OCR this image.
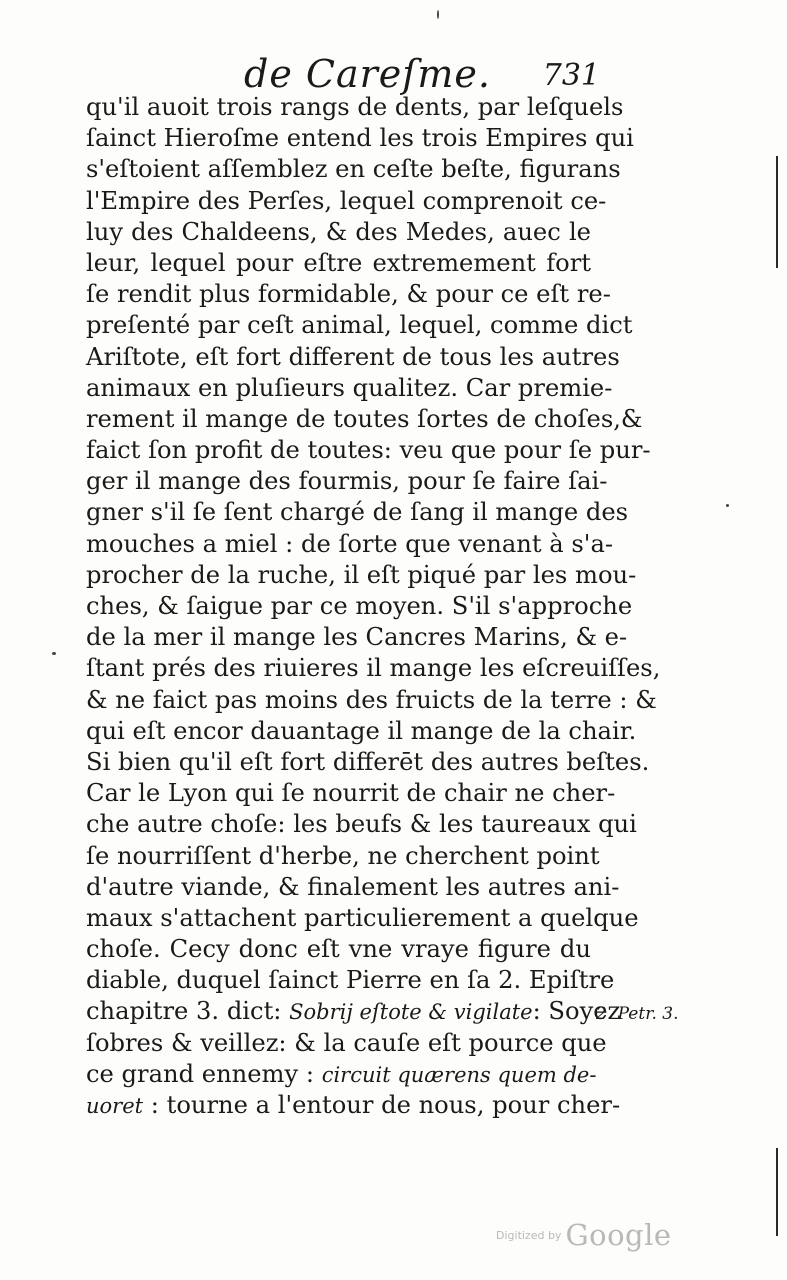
de Careſme. 731
qu'il auoit trois rangs de dents, par leſquels
ſainct Hieroſme entend les trois Empires qui
s'eſtoient aſſemblez en ceſte beſte, figurans
l'Empire des Perſes, lequel comprenoit ce-
luy des Chaldeens, & des Medes, auec le
leur, lequel pour eſtre extremement fort
ſe rendit plus formidable, & pour ce eſt re-
preſenté par ceſt animal, lequel, comme dict
Ariſtote, eſt fort different de tous les autres
animaux en pluſieurs qualitez. Car premie-
rement il mange de toutes ſortes de choſes,&
faict ſon profit de toutes: veu que pour ſe pur-
ger il mange des fourmis, pour ſe faire ſai-
gner s'il ſe ſent chargé de ſang il mange des
mouches a miel : de ſorte que venant à s'a-
procher de la ruche, il eſt piqué par les mou-
ches, & ſaigue par ce moyen. S'il s'approche
de la mer il mange les Cancres Marins, & e-
ſtant prés des riuieres il mange les eſcreuiſſes,
& ne faict pas moins des fruicts de la terre : &
qui eſt encor dauantage il mange de la chair.
Si bien qu'il eſt fort differēt des autres beſtes.
Car le Lyon qui ſe nourrit de chair ne cher-
che autre choſe: les beufs & les taureaux qui
ſe nourriſſent d'herbe, ne cherchent point
d'autre viande, & finalement les autres ani-
maux s'attachent particulierement a quelque
choſe. Cecy donc eſt vne vraye figure du
diable, duquel ſainct Pierre en ſa 2. Epiſtre
chapitre 3. dict: Sobrij eſtote & vigilate: Soyez
ſobres & veillez: & la cauſe eſt pource que
ce grand ennemy : circuit quærens quem de-
uoret : tourne a l'entour de nous, pour cher-
2. Petr. 3.
Digitized by Google
